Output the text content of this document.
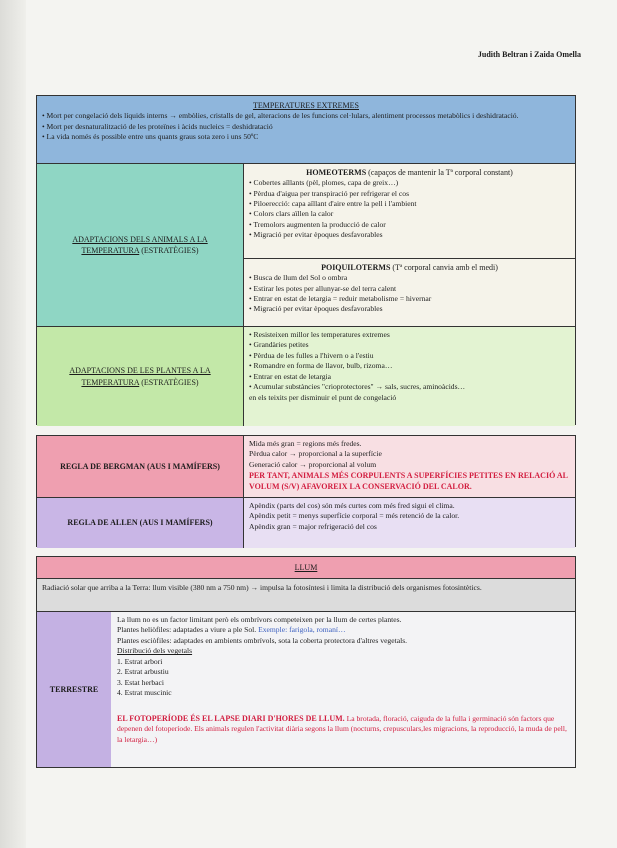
Judith Beltran i Zaida Omella
TEMPERATURES EXTREMES
• Mort per congelació dels líquids interns → embòlies, cristalls de gel, alteracions de les funcions cel·lulars, alentiment processos metabòlics i deshidratació.
• Mort per desnaturalització de les proteïnes i àcids nucleics = deshidratació
• La vida només és possible entre uns quants graus sota zero i uns 50ºC
ADAPTACIONS DELS ANIMALS A LA TEMPERATURA (ESTRATÈGIES)
HOMEOTERMS (capaços de mantenir la Tª corporal constant)
• Cobertes aïllants (pèl, plomes, capa de greix…)
• Pèrdua d'aigua per transpiració per refrigerar el cos
• Piloerecció: capa aïllant d'aire entre la pell i l'ambient
• Colors clars aïllen la calor
• Tremolors augmenten la producció de calor
• Migració per evitar èpoques desfavorables
POIQUILOTERMS (Tª corporal canvia amb el medi)
• Busca de llum del Sol o ombra
• Estirar les potes per allunyar-se del terra calent
• Entrar en estat de letargia = reduir metabolisme = hivernar
• Migració per evitar èpoques desfavorables
ADAPTACIONS DE LES PLANTES A LA TEMPERATURA (ESTRATÈGIES)
• Resisteixen millor les temperatures extremes
• Grandàries petites
• Pèrdua de les fulles a l'hivern o a l'estiu
• Romandre en forma de llavor, bulb, rizoma…
• Entrar en estat de letargia
• Acumular substàncies "crioprotectores" → sals, sucres, aminoàcids…
en els teixits per disminuir el punt de congelació
REGLA DE BERGMAN (AUS I MAMÍFERS)
Mida més gran = regions més fredes.
Pèrdua calor → proporcional a la superfície
Generació calor → proporcional al volum
PER TANT, ANIMALS MÉS CORPULENTS A SUPERFÍCIES PETITES EN RELACIÓ AL VOLUM (S/V) AFAVOREIX LA CONSERVACIÓ DEL CALOR.
REGLA DE ALLEN (AUS I MAMÍFERS)
Apèndix (parts del cos) són més curtes com més fred sigui el clima.
Apèndix petit = menys superfície corporal = més retenció de la calor.
Apèndix gran = major refrigeració del cos
LLUM
Radiació solar que arriba a la Terra: llum visible (380 nm a 750 nm) → impulsa la fotosíntesi i limita la distribució dels organismes fotosintètics.
TERRESTRE
La llum no es un factor limitant però els ombrívors competeixen per la llum de certes plantes.
Plantes heliòfiles: adaptades a viure a ple Sol. Exemple: farigola, romaní…
Plantes esciòfiles: adaptades en ambients ombrívols, sota la coberta protectora d'altres vegetals.
Distribució dels vegetals
1. Estrat arbori
2. Estrat arbustiu
3. Estat herbaci
4. Estrat muscinic
EL FOTOPERÍODE ÉS EL LAPSE DIARI D'HORES DE LLUM. La brotada, floració, caiguda de la fulla i germinació són factors que depenen del fotoperíode. Els animals regulen l'activitat diària segons la llum (nocturns, crepusculars,les migracions, la reproducció, la muda de pell, la letargia…)
